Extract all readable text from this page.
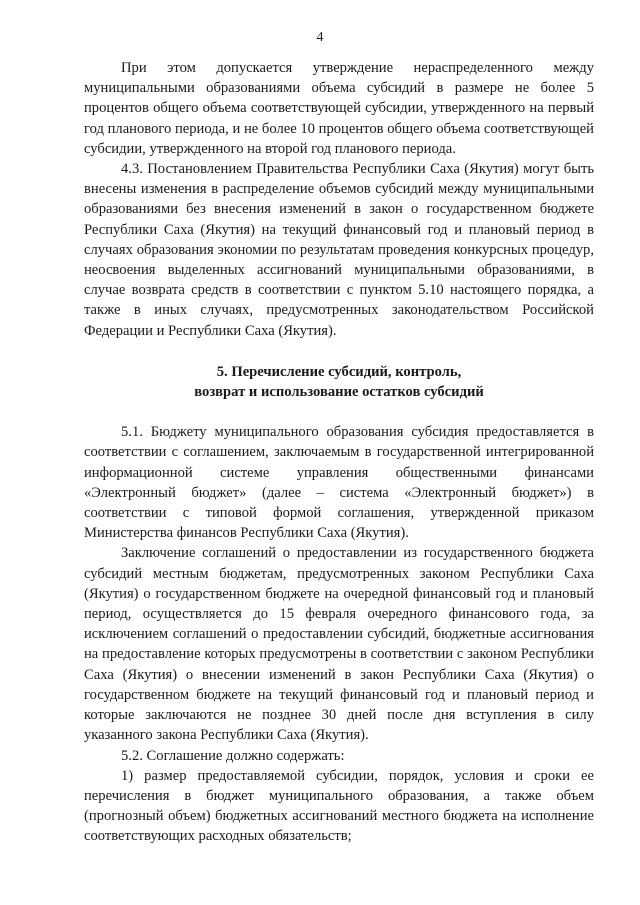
4

При этом допускается утверждение нераспределенного между муниципальными образованиями объема субсидий в размере не более 5 процентов общего объема соответствующей субсидии, утвержденного на первый год планового периода, и не более 10 процентов общего объема соответствующей субсидии, утвержденного на второй год планового периода.

4.3. Постановлением Правительства Республики Саха (Якутия) могут быть внесены изменения в распределение объемов субсидий между муниципальными образованиями без внесения изменений в закон о государственном бюджете Республики Саха (Якутия) на текущий финансовый год и плановый период в случаях образования экономии по результатам проведения конкурсных процедур, неосвоения выделенных ассигнований муниципальными образованиями, в случае возврата средств в соответствии с пунктом 5.10 настоящего порядка, а также в иных случаях, предусмотренных законодательством Российской Федерации и Республики Саха (Якутия).

5. Перечисление субсидий, контроль,
возврат и использование остатков субсидий

5.1. Бюджету муниципального образования субсидия предоставляется в соответствии с соглашением, заключаемым в государственной интегрированной информационной системе управления общественными финансами «Электронный бюджет» (далее – система «Электронный бюджет») в соответствии с типовой формой соглашения, утвержденной приказом Министерства финансов Республики Саха (Якутия).

Заключение соглашений о предоставлении из государственного бюджета субсидий местным бюджетам, предусмотренных законом Республики Саха (Якутия) о государственном бюджете на очередной финансовый год и плановый период, осуществляется до 15 февраля очередного финансового года, за исключением соглашений о предоставлении субсидий, бюджетные ассигнования на предоставление которых предусмотрены в соответствии с законом Республики Саха (Якутия) о внесении изменений в закон Республики Саха (Якутия) о государственном бюджете на текущий финансовый год и плановый период и которые заключаются не позднее 30 дней после дня вступления в силу указанного закона Республики Саха (Якутия).

5.2. Соглашение должно содержать:

1) размер предоставляемой субсидии, порядок, условия и сроки ее перечисления в бюджет муниципального образования, а также объем (прогнозный объем) бюджетных ассигнований местного бюджета на исполнение соответствующих расходных обязательств;
